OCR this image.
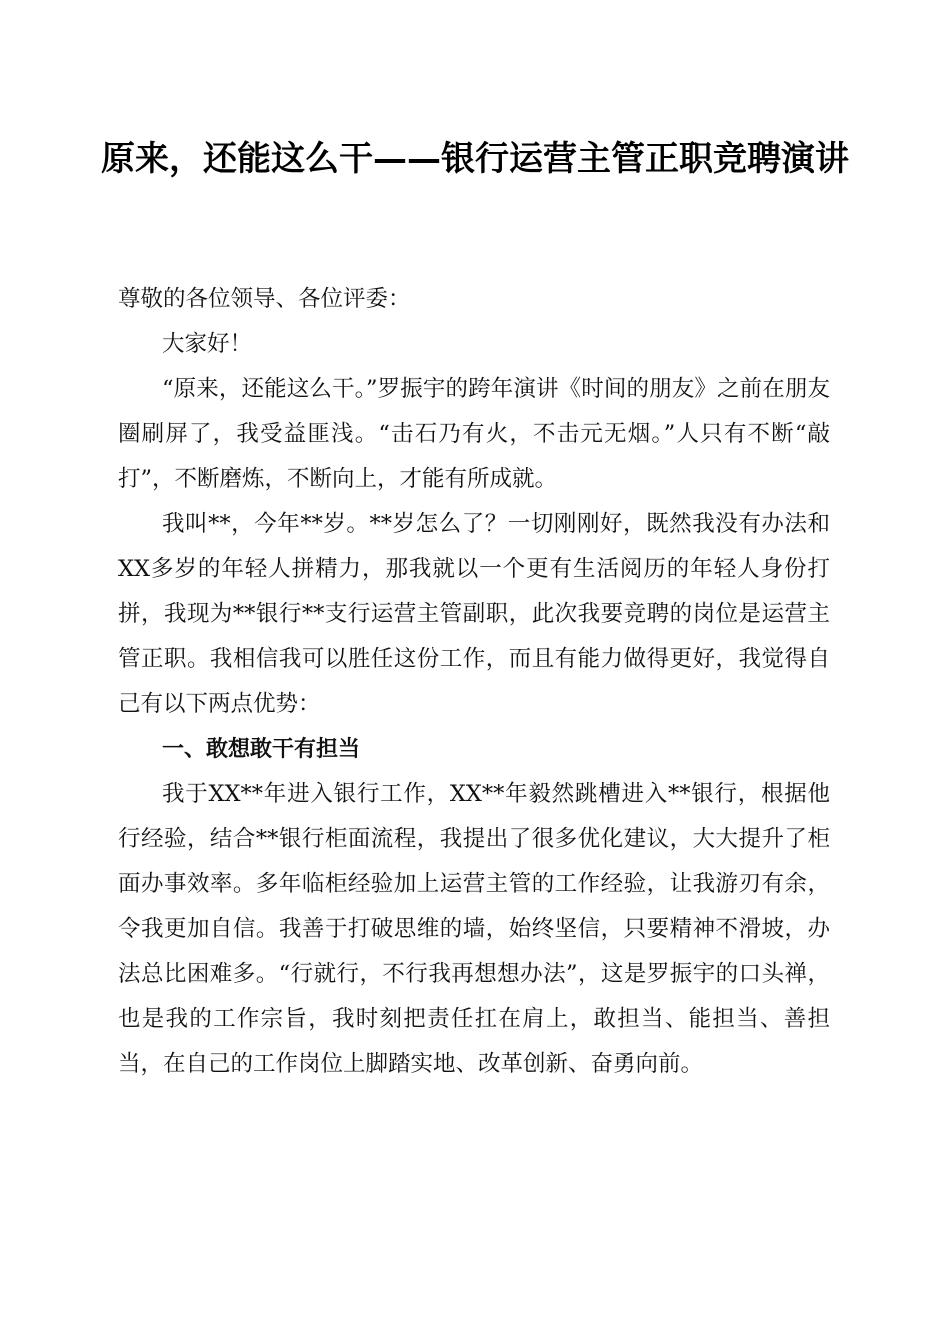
原来，还能这么干——银行运营主管正职竞聘演讲

尊敬的各位领导、各位评委：

大家好！

“原来，还能这么干。”罗振宇的跨年演讲《时间的朋友》之前在朋友圈刷屏了，我受益匪浅。“击石乃有火，不击元无烟。”人只有不断“敲打”，不断磨炼，不断向上，才能有所成就。

我叫**，今年**岁。**岁怎么了？一切刚刚好，既然我没有办法和XX多岁的年轻人拼精力，那我就以一个更有生活阅历的年轻人身份打拼，我现为**银行**支行运营主管副职，此次我要竞聘的岗位是运营主管正职。我相信我可以胜任这份工作，而且有能力做得更好，我觉得自己有以下两点优势：

一、敢想敢干有担当

我于XX**年进入银行工作，XX**年毅然跳槽进入**银行，根据他行经验，结合**银行柜面流程，我提出了很多优化建议，大大提升了柜面办事效率。多年临柜经验加上运营主管的工作经验，让我游刃有余，令我更加自信。我善于打破思维的墙，始终坚信，只要精神不滑坡，办法总比困难多。“行就行，不行我再想想办法”，这是罗振宇的口头禅，也是我的工作宗旨，我时刻把责任扛在肩上，敢担当、能担当、善担当，在自己的工作岗位上脚踏实地、改革创新、奋勇向前。
